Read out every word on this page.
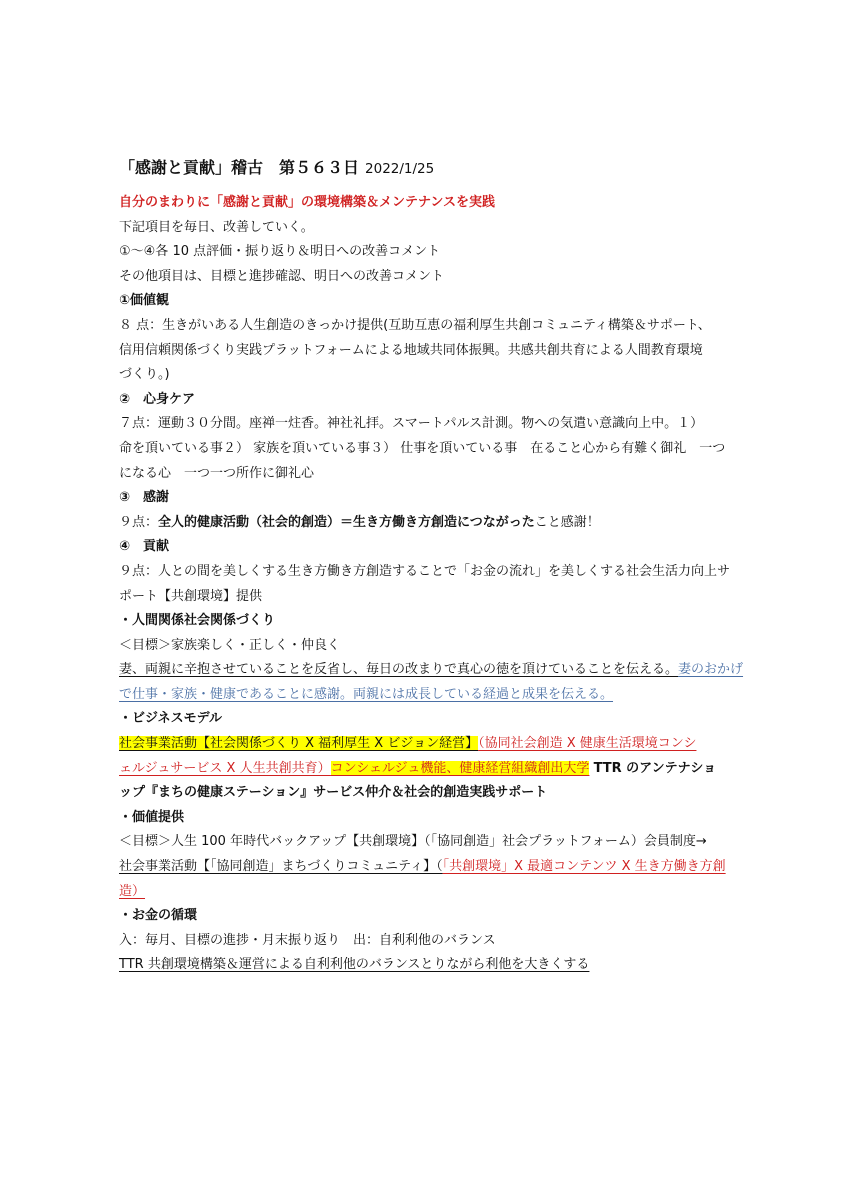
「感謝と貢献」稽古　第５６３日 2022/1/25
自分のまわりに「感謝と貢献」の環境構築＆メンテナンスを実践
下記項目を毎日、改善していく。
①～④各 10 点評価・振り返り＆明日への改善コメント
その他項目は、目標と進捗確認、明日への改善コメント
①価値観
８ 点：生きがいある人生創造のきっかけ提供(互助互恵の福利厚生共創コミュニティ構築＆サポート、
信用信頼関係づくり実践プラットフォームによる地域共同体振興。共感共創共育による人間教育環境
づくり。)
②　心身ケア
７点：運動３０分間。座禅一炷香。神社礼拝。スマートパルス計測。物への気遣い意識向上中。１）
命を頂いている事２） 家族を頂いている事３） 仕事を頂いている事　在ること心から有難く御礼　一つ
になる心　一つ一つ所作に御礼心
③　感謝
９点：全人的健康活動（社会的創造）＝生き方働き方創造につながったこと感謝！
④　貢献
９点：人との間を美しくする生き方働き方創造することで「お金の流れ」を美しくする社会生活力向上サ
ポート【共創環境】提供
・人間関係社会関係づくり
＜目標＞家族楽しく・正しく・仲良く
妻、両親に辛抱させていることを反省し、毎日の改まりで真心の徳を頂けていることを伝える。妻のおかげ
で仕事・家族・健康であることに感謝。両親には成長している経過と成果を伝える。
・ビジネスモデル
社会事業活動【社会関係づくり X 福利厚生 X ビジョン経営】（協同社会創造 X 健康生活環境コンシ
ェルジュサービス X 人生共創共育）コンシェルジュ機能、健康経営組織創出大学 TTR のアンテナショ
ップ『まちの健康ステーション』サービス仲介＆社会的創造実践サポート
・価値提供
＜目標＞人生 100 年時代バックアップ【共創環境】（「協同創造」社会プラットフォーム）会員制度→
社会事業活動【「協同創造」まちづくりコミュニティ】（「共創環境」X 最適コンテンツ X 生き方働き方創
造）
・お金の循環
入：毎月、目標の進捗・月末振り返り　出：自利利他のバランス
TTR 共創環境構築＆運営による自利利他のバランスとりながら利他を大きくする
